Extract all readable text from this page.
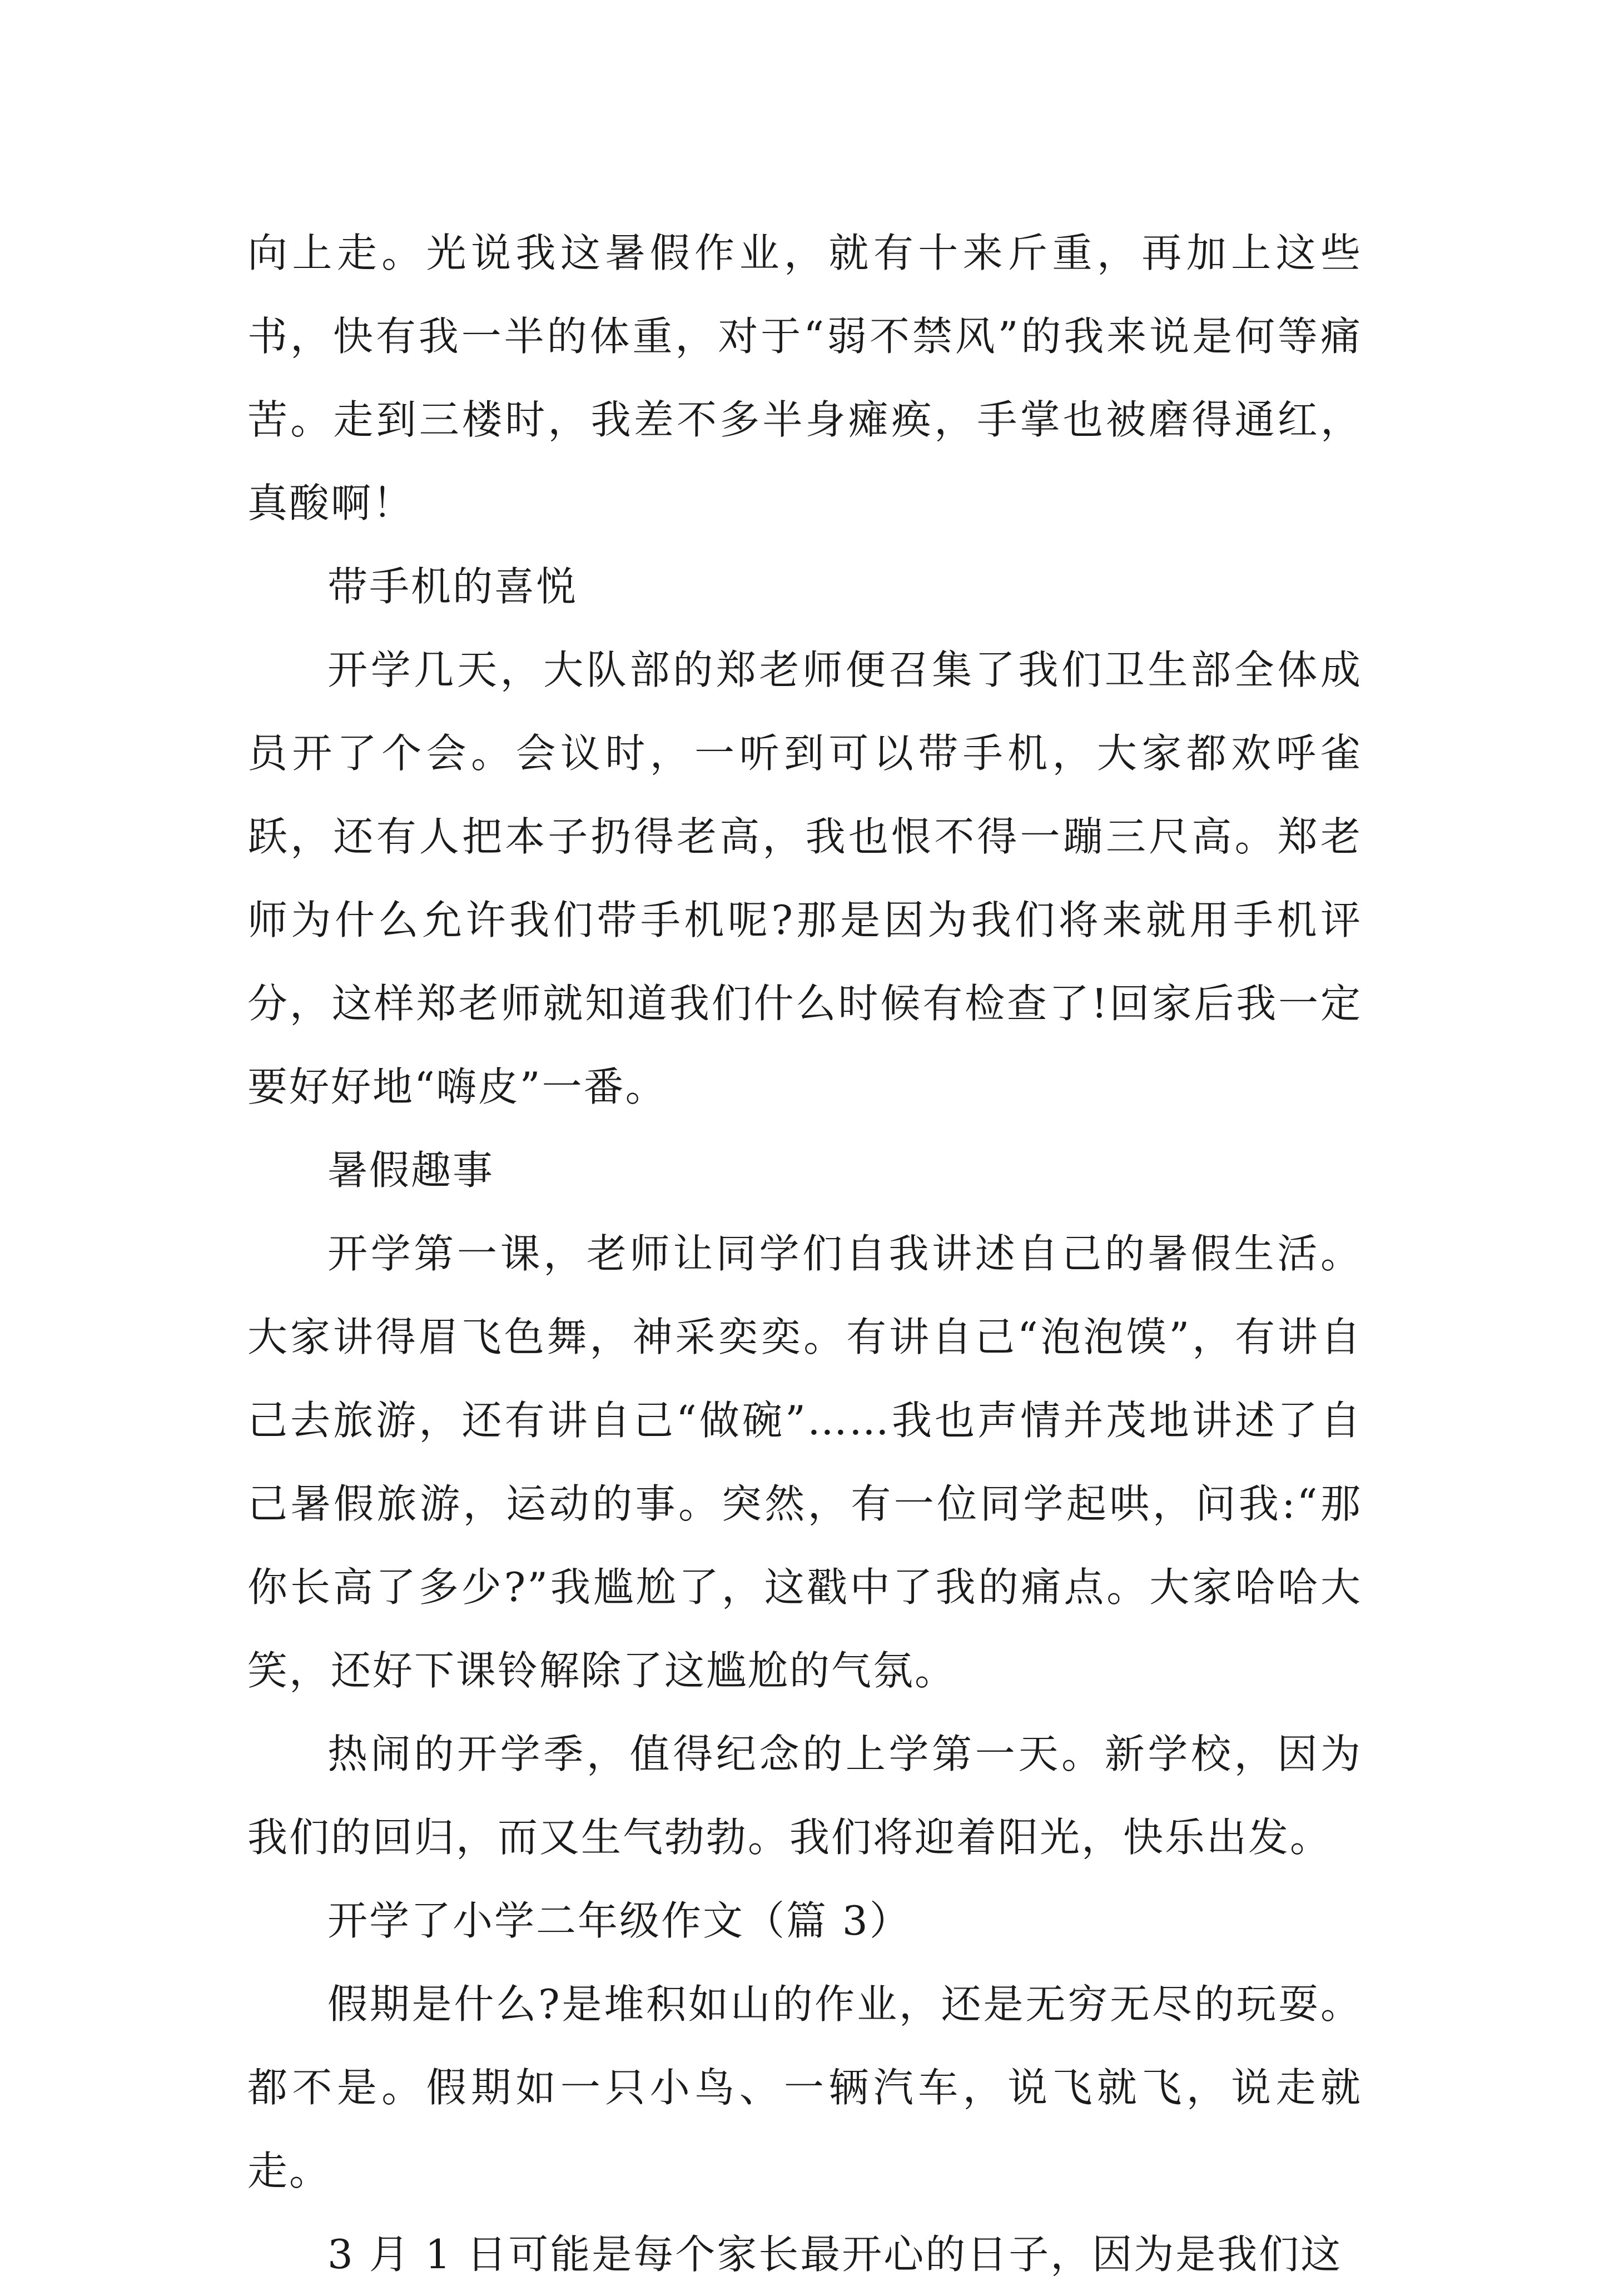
向上走。光说我这暑假作业，就有十来斤重，再加上这些书，快有我一半的体重，对于“弱不禁风”的我来说是何等痛苦。走到三楼时，我差不多半身瘫痪，手掌也被磨得通红，真酸啊！

带手机的喜悦

开学几天，大队部的郑老师便召集了我们卫生部全体成员开了个会。会议时，一听到可以带手机，大家都欢呼雀跃，还有人把本子扔得老高，我也恨不得一蹦三尺高。郑老师为什么允许我们带手机呢?那是因为我们将来就用手机评分，这样郑老师就知道我们什么时候有检查了!回家后我一定要好好地“嗨皮”一番。

暑假趣事

开学第一课，老师让同学们自我讲述自己的暑假生活。大家讲得眉飞色舞，神采奕奕。有讲自己“泡泡馍”，有讲自己去旅游，还有讲自己“做碗”……我也声情并茂地讲述了自己暑假旅游，运动的事。突然，有一位同学起哄，问我:“那你长高了多少?”我尴尬了，这戳中了我的痛点。大家哈哈大笑，还好下课铃解除了这尴尬的气氛。

热闹的开学季，值得纪念的上学第一天。新学校，因为我们的回归，而又生气勃勃。我们将迎着阳光，快乐出发。

开学了小学二年级作文（篇 3）

假期是什么?是堆积如山的作业，还是无穷无尽的玩耍。都不是。假期如一只小鸟、一辆汽车，说飞就飞，说走就走。

3 月 1 日可能是每个家长最开心的日子，因为是我们这
